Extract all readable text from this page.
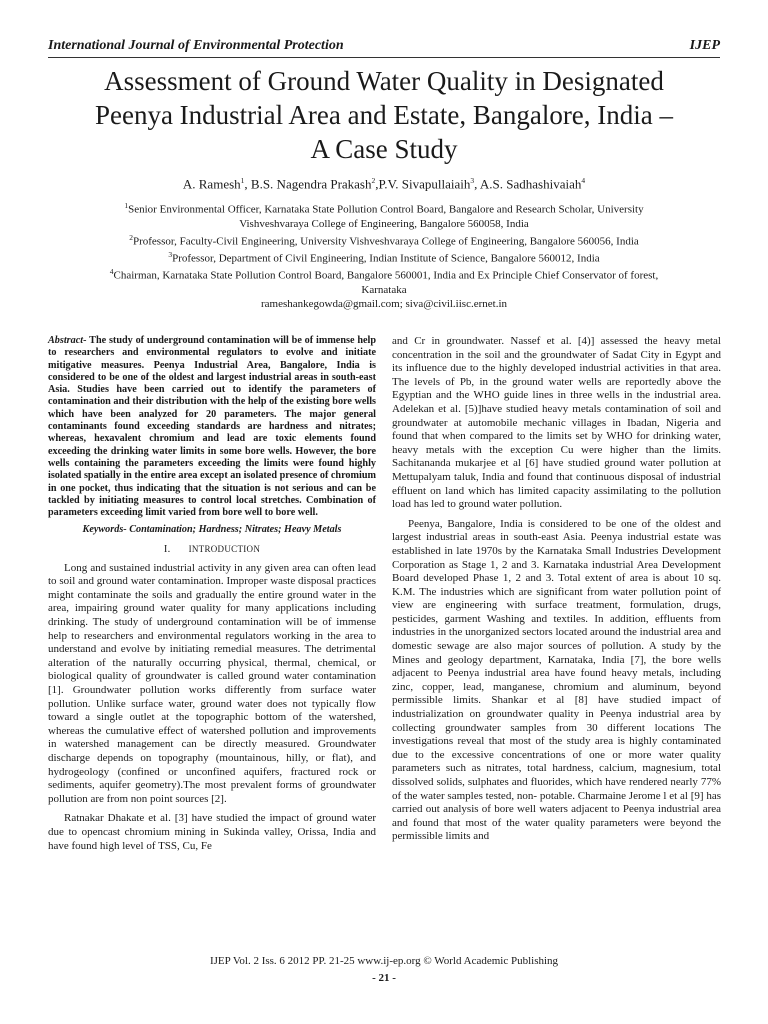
International Journal of Environmental Protection	IJEP
Assessment of Ground Water Quality in Designated
Peenya Industrial Area and Estate, Bangalore, India –
A Case Study
A. Ramesh$^1$, B.S. Nagendra Prakash$^2$,P.V. Sivapullaiaih$^3$, A.S. Sadhashivaiah$^4$
$^1$Senior Environmental Officer, Karnataka State Pollution Control Board, Bangalore and Research Scholar, University
Vishveshvaraya College of Engineering, Bangalore 560058, India
$^2$Professor, Faculty-Civil Engineering, University Vishveshvaraya College of Engineering, Bangalore 560056, India
$^3$Professor, Department of Civil Engineering, Indian Institute of Science, Bangalore 560012, India
$^4$Chairman, Karnataka State Pollution Control Board, Bangalore 560001, India and Ex Principle Chief Conservator of forest,
Karnataka
rameshankegowda@gmail.com; siva@civil.iisc.ernet.in

Abstract- The study of underground contamination will be of immense help to researchers and environmental regulators to evolve and initiate mitigative measures. Peenya Industrial Area, Bangalore, India is considered to be one of the oldest and largest industrial areas in south-east Asia. Studies have been carried out to identify the parameters of contamination and their distribution with the help of the existing bore wells which have been analyzed for 20 parameters. The major general contaminants found exceeding standards are hardness and nitrates; whereas, hexavalent chromium and lead are toxic elements found exceeding the drinking water limits in some bore wells. However, the bore wells containing the parameters exceeding the limits were found highly isolated spatially in the entire area except an isolated presence of chromium in one pocket, thus indicating that the situation is not serious and can be tackled by initiating measures to control local stretches. Combination of parameters exceeding limit varied from bore well to bore well.

Keywords- Contamination; Hardness; Nitrates; Heavy Metals
I. INTRODUCTION

Long and sustained industrial activity in any given area can often lead to soil and ground water contamination. Improper waste disposal practices might contaminate the soils and gradually the entire ground water in the area, impairing ground water quality for many applications including drinking. The study of underground contamination will be of immense help to researchers and environmental regulators working in the area to understand and evolve by initiating remedial measures. The detrimental alteration of the naturally occurring physical, thermal, chemical, or biological quality of groundwater is called ground water contamination [1]. Groundwater pollution works differently from surface water pollution. Unlike surface water, ground water does not typically flow toward a single outlet at the topographic bottom of the watershed, whereas the cumulative effect of watershed pollution and improvements in watershed management can be directly measured. Groundwater discharge depends on topography (mountainous, hilly, or flat), and hydrogeology (confined or unconfined aquifers, fractured rock or sediments, aquifer geometry).The most prevalent forms of groundwater pollution are from non point sources [2].

Ratnakar Dhakate et al. [3] have studied the impact of ground water due to opencast chromium mining in Sukinda valley, Orissa, India and have found high level of TSS, Cu, Fe

and Cr in groundwater. Nassef et al. [4)] assessed the heavy metal concentration in the soil and the groundwater of Sadat City in Egypt and its influence due to the highly developed industrial activities in that area. The levels of Pb, in the ground water wells are reportedly above the Egyptian and the WHO guide lines in three wells in the industrial area. Adelekan et al. [5)]have studied heavy metals contamination of soil and groundwater at automobile mechanic villages in Ibadan, Nigeria and found that when compared to the limits set by WHO for drinking water, heavy metals with the exception Cu were higher than the limits. Sachitananda mukarjee et al [6] have studied ground water pollution at Mettupalyam taluk, India and found that continuous disposal of industrial effluent on land which has limited capacity assimilating to the pollution load has led to ground water pollution.

Peenya, Bangalore, India is considered to be one of the oldest and largest industrial areas in south-east Asia. Peenya industrial estate was established in late 1970s by the Karnataka Small Industries Development Corporation as Stage 1, 2 and 3. Karnataka industrial Area Development Board developed Phase 1, 2 and 3. Total extent of area is about 10 sq. K.M. The industries which are significant from water pollution point of view are engineering with surface treatment, formulation, drugs, pesticides, garment Washing and textiles. In addition, effluents from industries in the unorganized sectors located around the industrial area and domestic sewage are also major sources of pollution. A study by the Mines and geology department, Karnataka, India [7], the bore wells adjacent to Peenya industrial area have found heavy metals, including zinc, copper, lead, manganese, chromium and aluminum, beyond permissible limits. Shankar et al [8] have studied impact of industrialization on groundwater quality in Peenya industrial area by collecting groundwater samples from 30 different locations The investigations reveal that most of the study area is highly contaminated due to the excessive concentrations of one or more water quality parameters such as nitrates, total hardness, calcium, magnesium, total dissolved solids, sulphates and fluorides, which have rendered nearly 77% of the water samples tested, non- potable. Charmaine Jerome l et al [9] has carried out analysis of bore well waters adjacent to Peenya industrial area and found that most of the water quality parameters were beyond the permissible limits and

IJEP Vol. 2 Iss. 6 2012 PP. 21-25 www.ij-ep.org © World Academic Publishing
- 21 -
